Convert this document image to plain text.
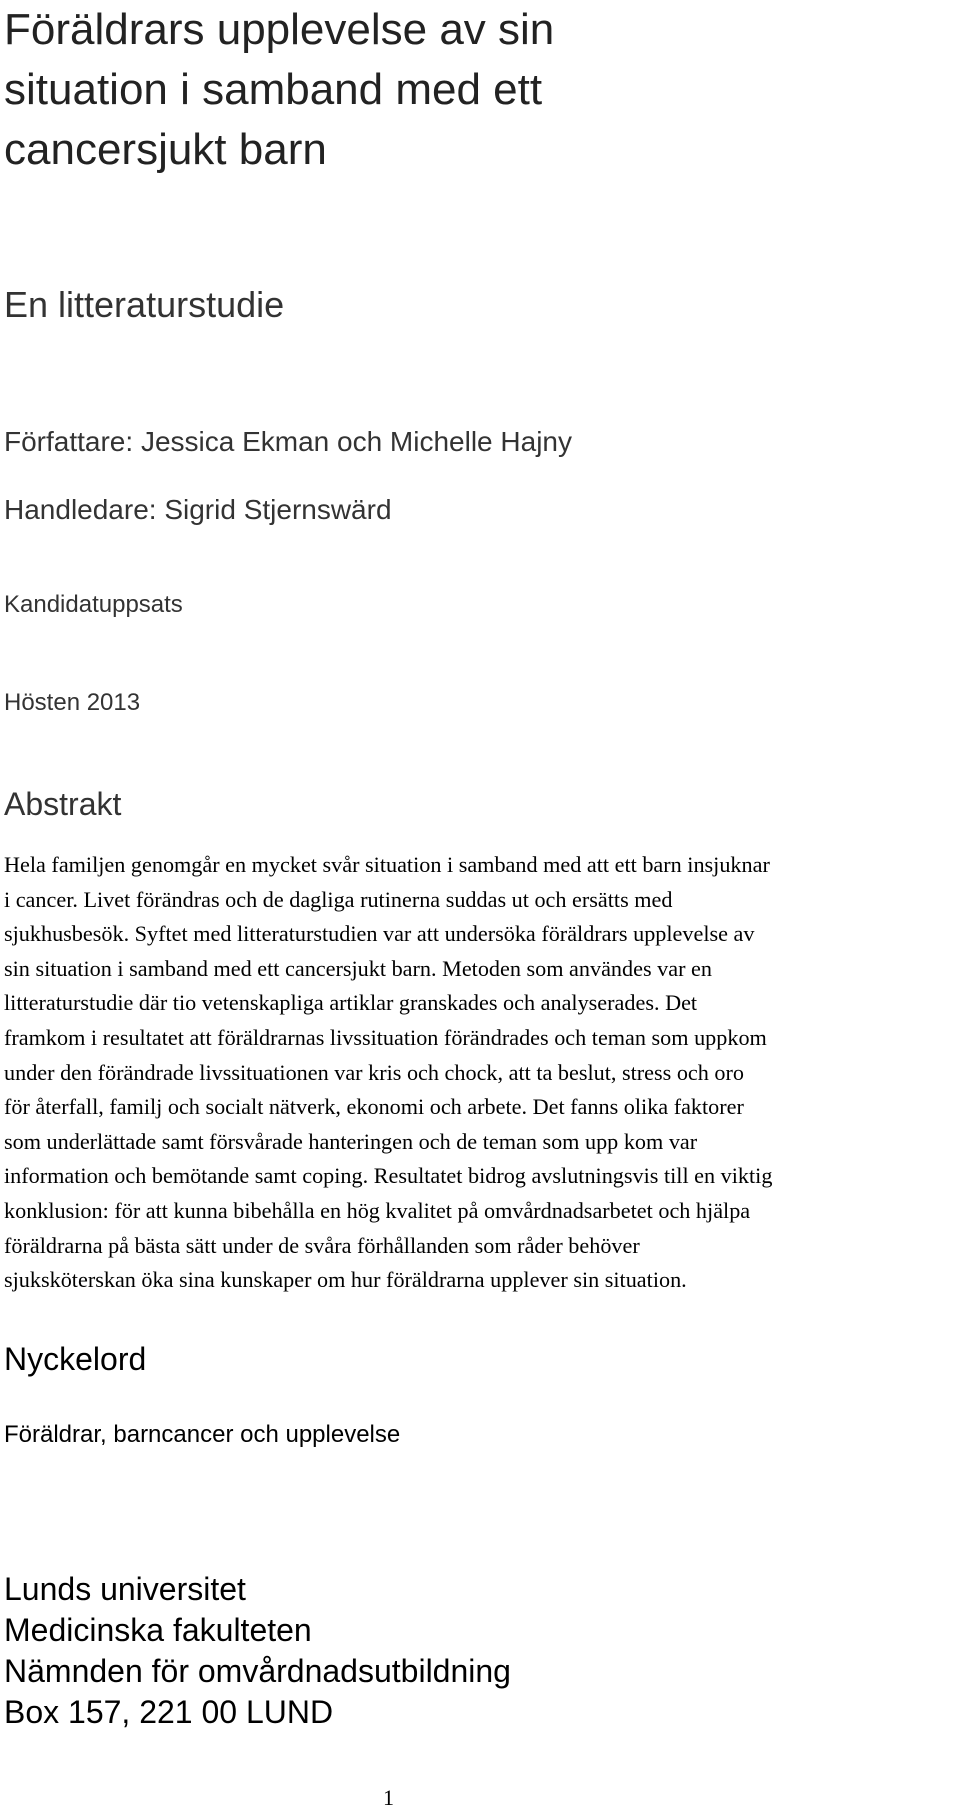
Föräldrars upplevelse av sin
situation i samband med ett
cancersjukt barn
En litteraturstudie
Författare: Jessica Ekman och Michelle Hajny
Handledare: Sigrid Stjernswärd
Kandidatuppsats
Hösten 2013
Abstrakt
Hela familjen genomgår en mycket svår situation i samband med att ett barn insjuknar
i cancer. Livet förändras och de dagliga rutinerna suddas ut och ersätts med
sjukhusbesök. Syftet med litteraturstudien var att undersöka föräldrars upplevelse av
sin situation i samband med ett cancersjukt barn. Metoden som användes var en
litteraturstudie där tio vetenskapliga artiklar granskades och analyserades. Det
framkom i resultatet att föräldrarnas livssituation förändrades och teman som uppkom
under den förändrade livssituationen var kris och chock, att ta beslut, stress och oro
för återfall, familj och socialt nätverk, ekonomi och arbete. Det fanns olika faktorer
som underlättade samt försvårade hanteringen och de teman som upp kom var
information och bemötande samt coping. Resultatet bidrog avslutningsvis till en viktig
konklusion: för att kunna bibehålla en hög kvalitet på omvårdnadsarbetet och hjälpa
föräldrarna på bästa sätt under de svåra förhållanden som råder behöver
sjuksköterskan öka sina kunskaper om hur föräldrarna upplever sin situation.
Nyckelord
Föräldrar, barncancer och upplevelse
Lunds universitet
Medicinska fakulteten
Nämnden för omvårdnadsutbildning
Box 157, 221 00 LUND
1
